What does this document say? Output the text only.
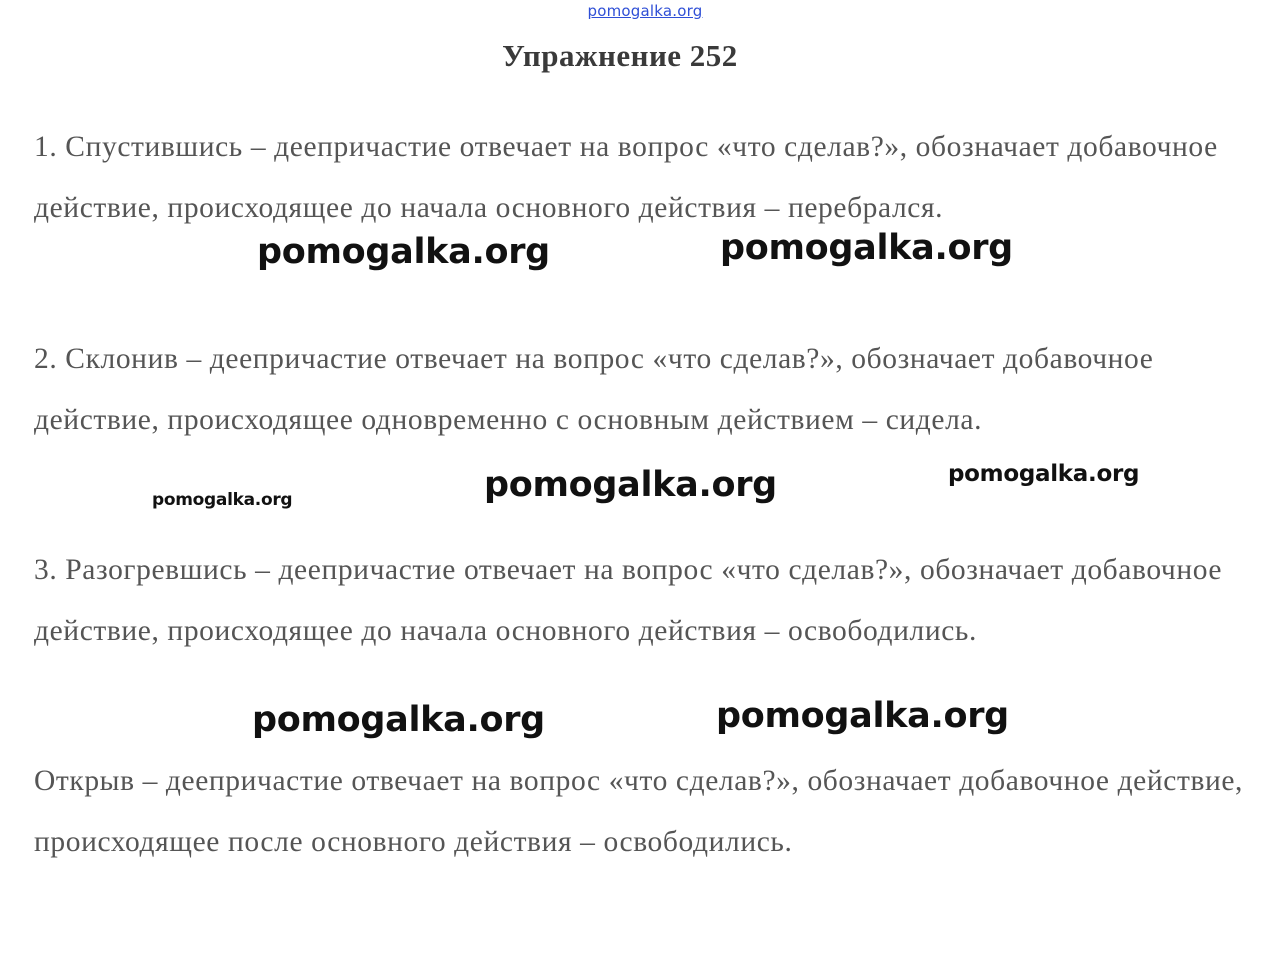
pomogalka.org
Упражнение 252

1. Спустившись – деепричастие отвечает на вопрос «что сделав?», обозначает добавочное действие, происходящее до начала основного действия – перебрался.

2. Склонив – деепричастие отвечает на вопрос «что сделав?», обозначает добавочное действие, происходящее одновременно с основным действием – сидела.

3. Разогревшись – деепричастие отвечает на вопрос «что сделав?», обозначает добавочное действие, происходящее до начала основного действия – освободились.

Открыв – деепричастие отвечает на вопрос «что сделав?», обозначает добавочное действие, происходящее после основного действия – освободились.

pomogalka.org	pomogalka.org
pomogalka.org	pomogalka.org
pomogalka.org
pomogalka.org	pomogalka.org
